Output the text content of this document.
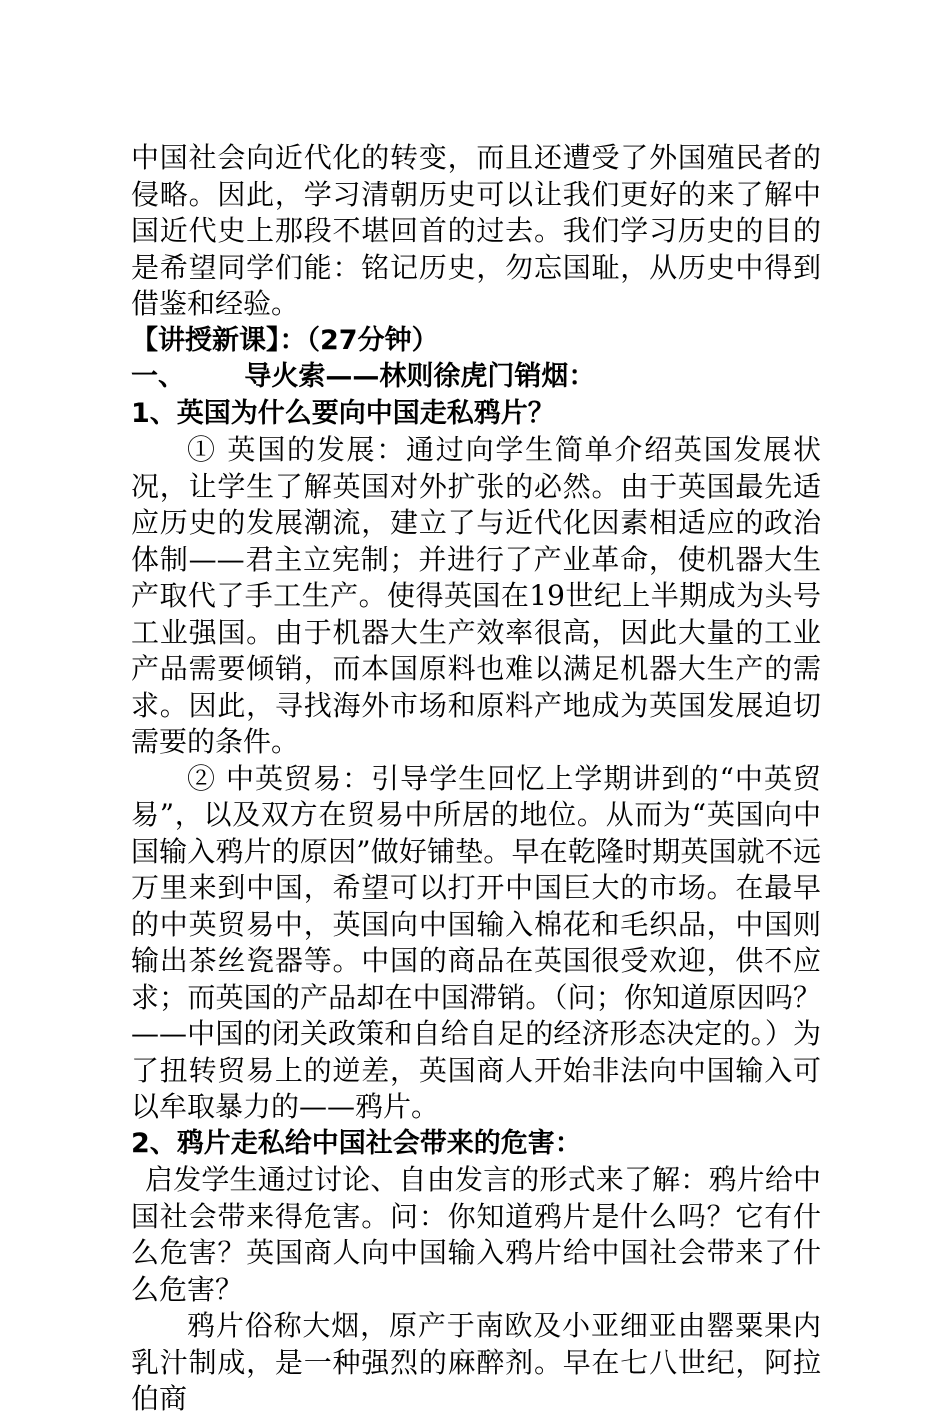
中国社会向近代化的转变，而且还遭受了外国殖民者的侵略。因此，学习清朝历史可以让我们更好的来了解中国近代史上那段不堪回首的过去。我们学习历史的目的是希望同学们能：铭记历史，勿忘国耻，从历史中得到借鉴和经验。

【讲授新课】：（27分钟）

一、 导火索——林则徐虎门销烟：

1、英国为什么要向中国走私鸦片？

① 英国的发展：通过向学生简单介绍英国发展状况，让学生了解英国对外扩张的必然。由于英国最先适应历史的发展潮流，建立了与近代化因素相适应的政治体制——君主立宪制；并进行了产业革命，使机器大生产取代了手工生产。使得英国在19世纪上半期成为头号工业强国。由于机器大生产效率很高，因此大量的工业产品需要倾销，而本国原料也难以满足机器大生产的需求。因此，寻找海外市场和原料产地成为英国发展迫切需要的条件。

② 中英贸易：引导学生回忆上学期讲到的“中英贸易”，以及双方在贸易中所居的地位。从而为“英国向中国输入鸦片的原因”做好铺垫。早在乾隆时期英国就不远万里来到中国，希望可以打开中国巨大的市场。在最早的中英贸易中，英国向中国输入棉花和毛织品，中国则输出茶丝瓷器等。中国的商品在英国很受欢迎，供不应求；而英国的产品却在中国滞销。（问；你知道原因吗？——中国的闭关政策和自给自足的经济形态决定的。）为了扭转贸易上的逆差，英国商人开始非法向中国输入可以牟取暴力的——鸦片。

2、鸦片走私给中国社会带来的危害：

启发学生通过讨论、自由发言的形式来了解：鸦片给中国社会带来得危害。问：你知道鸦片是什么吗？它有什么危害？英国商人向中国输入鸦片给中国社会带来了什么危害？

鸦片俗称大烟，原产于南欧及小亚细亚由罂粟果内乳汁制成，是一种强烈的麻醉剂。早在七八世纪，阿拉伯商
